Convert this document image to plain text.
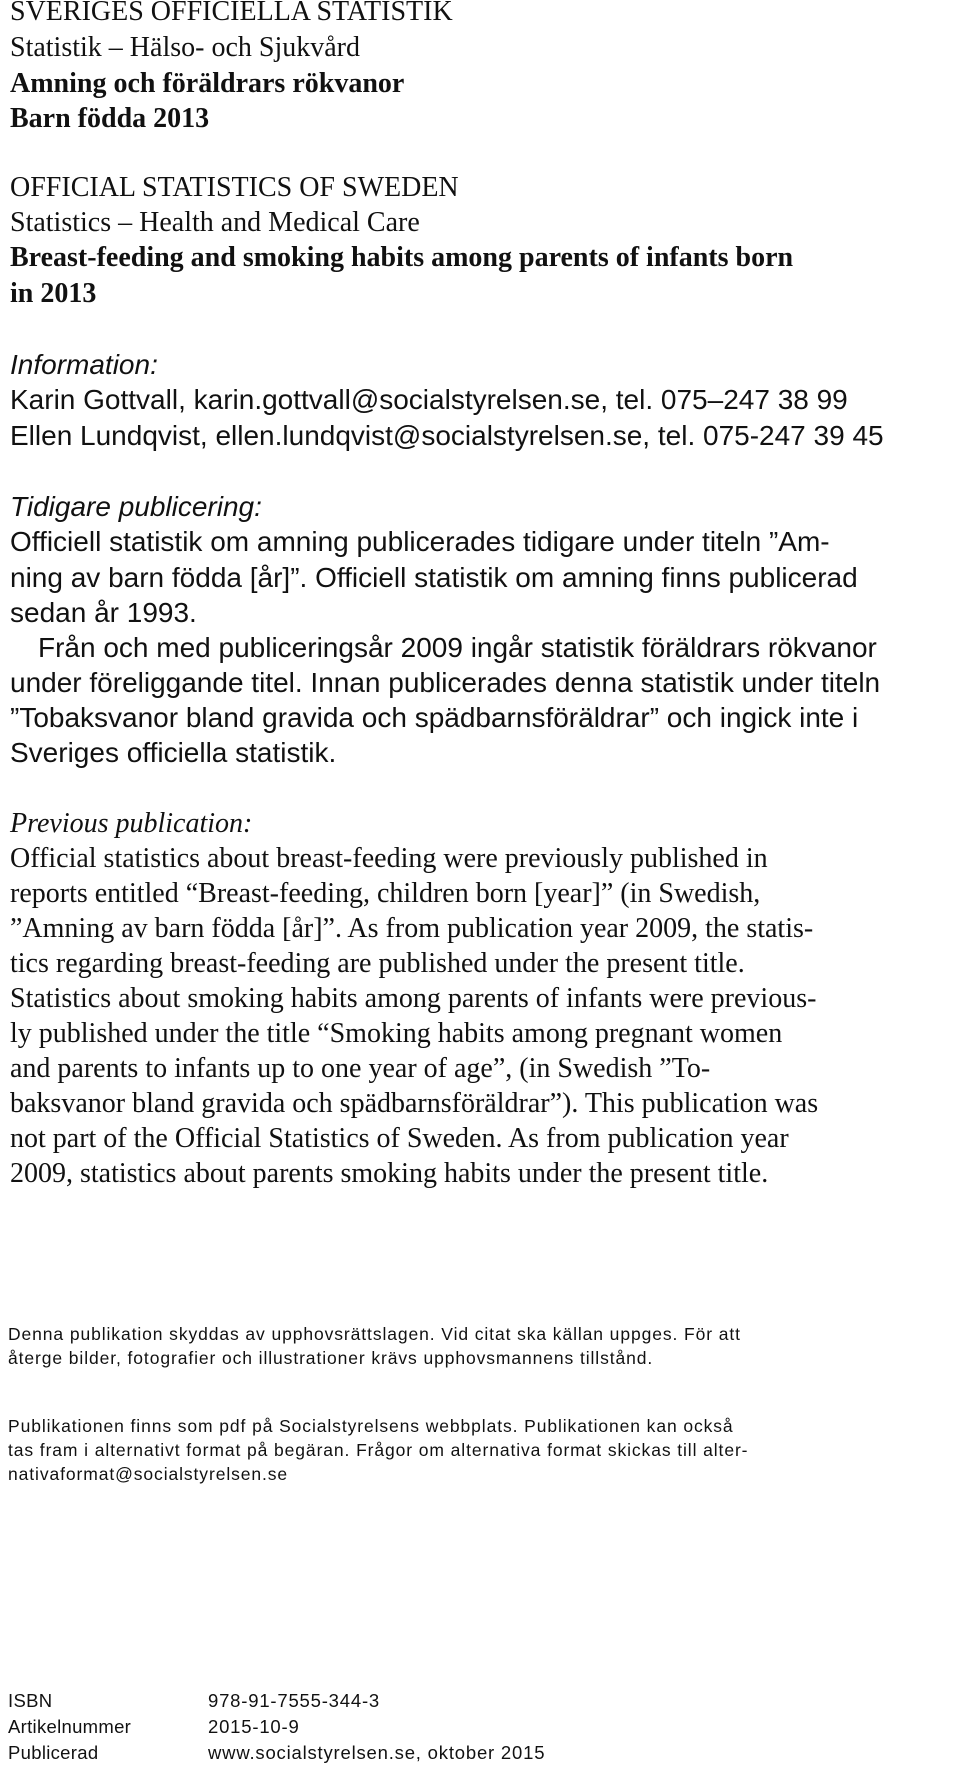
SVERIGES OFFICIELLA STATISTIK
Statistik – Hälso- och Sjukvård
Amning och föräldrars rökvanor
Barn födda 2013
OFFICIAL STATISTICS OF SWEDEN
Statistics – Health and Medical Care
Breast-feeding and smoking habits among parents of infants born
in 2013
Information:
Karin Gottvall, karin.gottvall@socialstyrelsen.se, tel. 075–247 38 99
Ellen Lundqvist, ellen.lundqvist@socialstyrelsen.se, tel. 075-247 39 45
Tidigare publicering:
Officiell statistik om amning publicerades tidigare under titeln ”Am-
ning av barn födda [år]”. Officiell statistik om amning finns publicerad
sedan år 1993.
Från och med publiceringsår 2009 ingår statistik föräldrars rökvanor
under föreliggande titel. Innan publicerades denna statistik under titeln
”Tobaksvanor bland gravida och spädbarnsföräldrar” och ingick inte i
Sveriges officiella statistik.
Previous publication:
Official statistics about breast-feeding were previously published in
reports entitled “Breast-feeding, children born [year]” (in Swedish,
”Amning av barn födda [år]”. As from publication year 2009, the statis-
tics regarding breast-feeding are published under the present title.
Statistics about smoking habits among parents of infants were previous-
ly published under the title “Smoking habits among pregnant women
and parents to infants up to one year of age”, (in Swedish ”To-
baksvanor bland gravida och spädbarnsföräldrar”). This publication was
not part of the Official Statistics of Sweden. As from publication year
2009, statistics about parents smoking habits under the present title.
Denna publikation skyddas av upphovsrättslagen. Vid citat ska källan uppges. För att
återge bilder, fotografier och illustrationer krävs upphovsmannens tillstånd.
Publikationen finns som pdf på Socialstyrelsens webbplats. Publikationen kan också
tas fram i alternativt format på begäran. Frågor om alternativa format skickas till alter-
nativaformat@socialstyrelsen.se
ISBN	978-91-7555-344-3
Artikelnummer	2015-10-9
Publicerad	www.socialstyrelsen.se, oktober 2015
